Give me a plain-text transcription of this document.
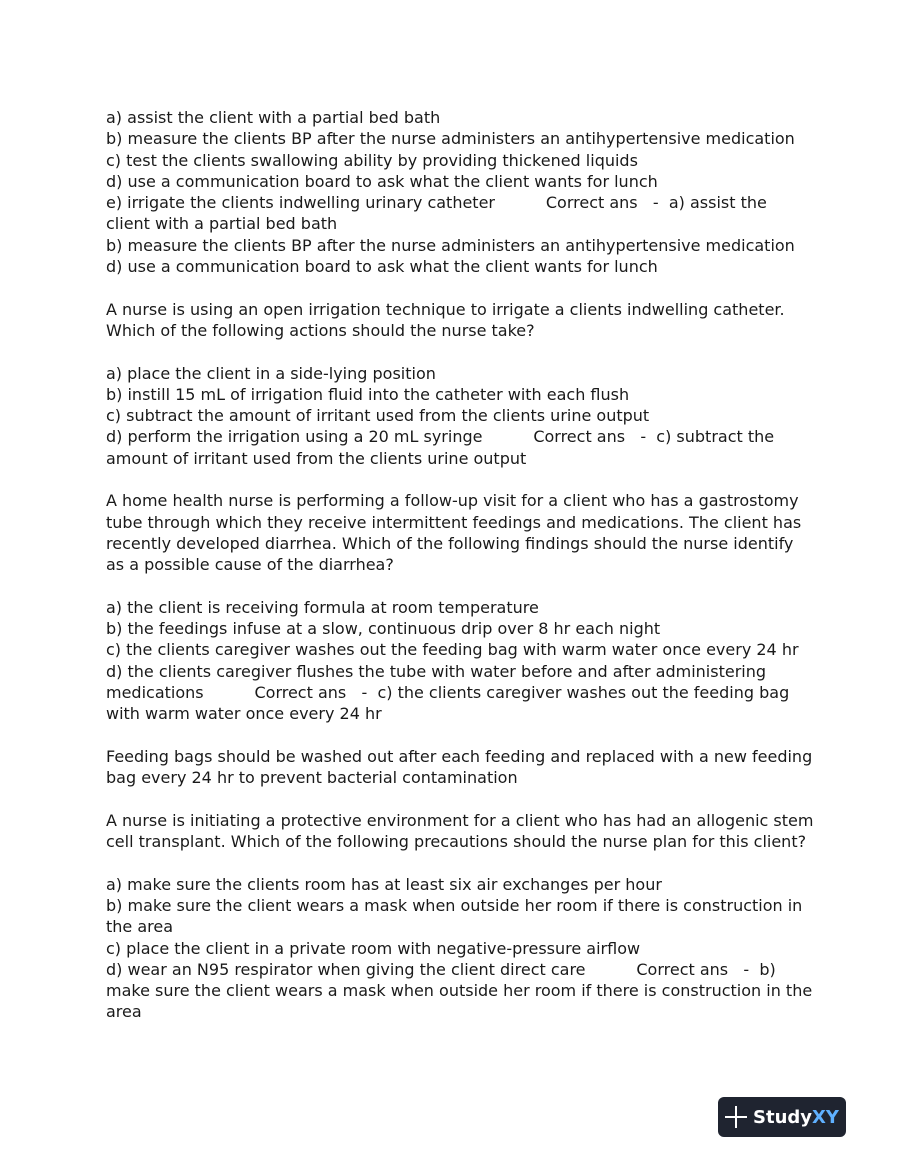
a) assist the client with a partial bed bath

b) measure the clients BP after the nurse administers an antihypertensive medication

c) test the clients swallowing ability by providing thickened liquids

d) use a communication board to ask what the client wants for lunch

e) irrigate the clients indwelling urinary catheter          Correct ans   -  a) assist the

client with a partial bed bath

b) measure the clients BP after the nurse administers an antihypertensive medication

d) use a communication board to ask what the client wants for lunch

A nurse is using an open irrigation technique to irrigate a clients indwelling catheter.

Which of the following actions should the nurse take?

a) place the client in a side-lying position

b) instill 15 mL of irrigation fluid into the catheter with each flush

c) subtract the amount of irritant used from the clients urine output

d) perform the irrigation using a 20 mL syringe          Correct ans   -  c) subtract the

amount of irritant used from the clients urine output

A home health nurse is performing a follow-up visit for a client who has a gastrostomy

tube through which they receive intermittent feedings and medications. The client has

recently developed diarrhea. Which of the following findings should the nurse identify

as a possible cause of the diarrhea?

a) the client is receiving formula at room temperature

b) the feedings infuse at a slow, continuous drip over 8 hr each night

c) the clients caregiver washes out the feeding bag with warm water once every 24 hr

d) the clients caregiver flushes the tube with water before and after administering

medications          Correct ans   -  c) the clients caregiver washes out the feeding bag

with warm water once every 24 hr

Feeding bags should be washed out after each feeding and replaced with a new feeding

bag every 24 hr to prevent bacterial contamination

A nurse is initiating a protective environment for a client who has had an allogenic stem

cell transplant. Which of the following precautions should the nurse plan for this client?

a) make sure the clients room has at least six air exchanges per hour

b) make sure the client wears a mask when outside her room if there is construction in

the area

c) place the client in a private room with negative-pressure airflow

d) wear an N95 respirator when giving the client direct care          Correct ans   -  b)

make sure the client wears a mask when outside her room if there is construction in the

area

StudyXY
